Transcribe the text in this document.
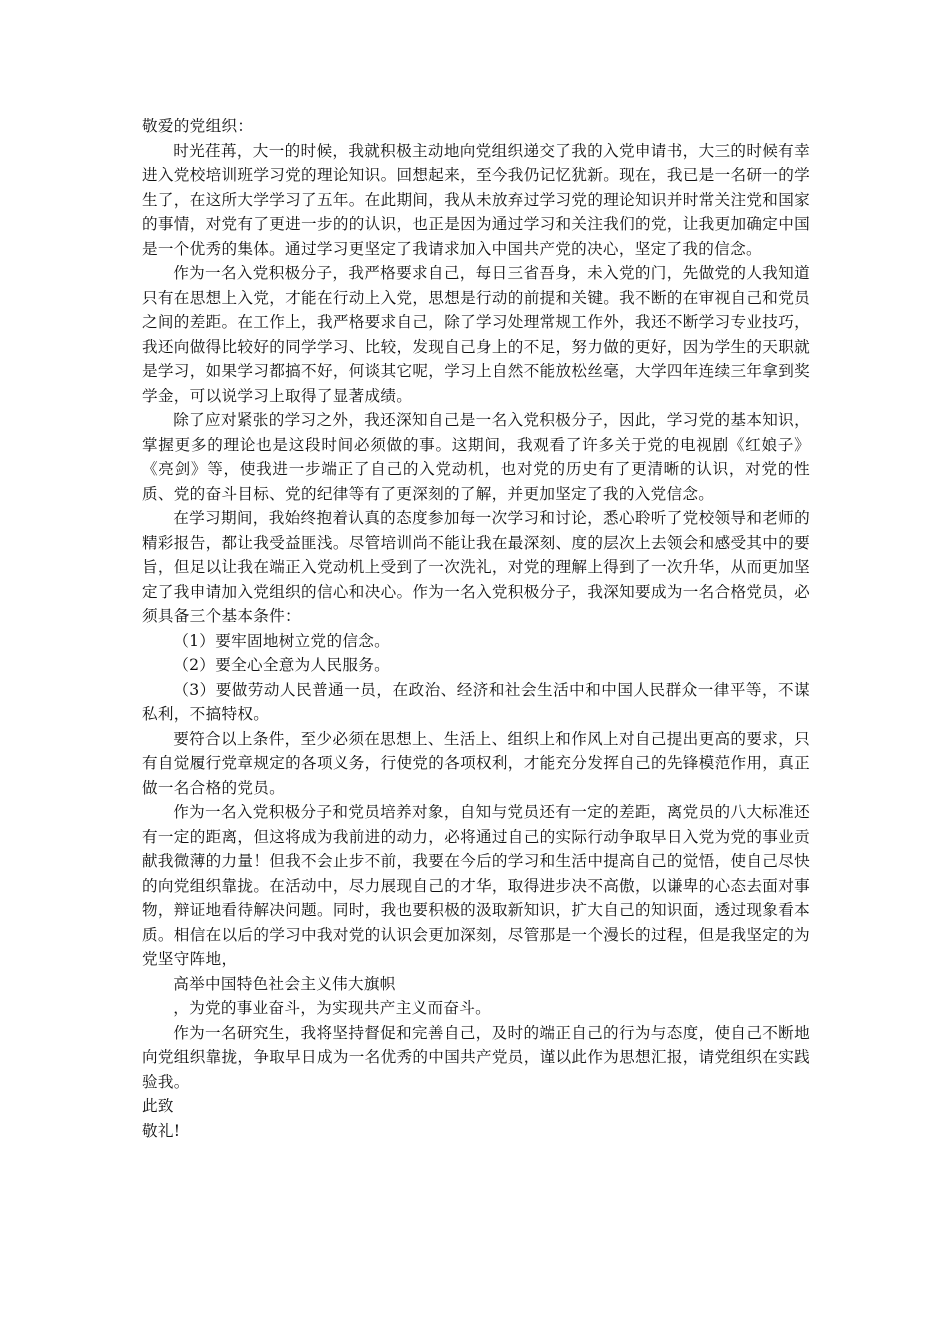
敬爱的党组织：

时光荏苒，大一的时候，我就积极主动地向党组织递交了我的入党申请书，大三的时候有幸进入党校培训班学习党的理论知识。回想起来，至今我仍记忆犹新。现在，我已是一名研一的学生了，在这所大学学习了五年。在此期间，我从未放弃过学习党的理论知识并时常关注党和国家的事情，对党有了更进一步的的认识，也正是因为通过学习和关注我们的党，让我更加确定中国是一个优秀的集体。通过学习更坚定了我请求加入中国共产党的决心，坚定了我的信念。

作为一名入党积极分子，我严格要求自己，每日三省吾身，未入党的门，先做党的人我知道只有在思想上入党，才能在行动上入党，思想是行动的前提和关键。我不断的在审视自己和党员之间的差距。在工作上，我严格要求自己，除了学习处理常规工作外，我还不断学习专业技巧，我还向做得比较好的同学学习、比较，发现自己身上的不足，努力做的更好，因为学生的天职就是学习，如果学习都搞不好，何谈其它呢，学习上自然不能放松丝毫，大学四年连续三年拿到奖学金，可以说学习上取得了显著成绩。

除了应对紧张的学习之外，我还深知自己是一名入党积极分子，因此，学习党的基本知识，掌握更多的理论也是这段时间必须做的事。这期间，我观看了许多关于党的电视剧《红娘子》《亮剑》等，使我进一步端正了自己的入党动机，也对党的历史有了更清晰的认识，对党的性质、党的奋斗目标、党的纪律等有了更深刻的了解，并更加坚定了我的入党信念。

在学习期间，我始终抱着认真的态度参加每一次学习和讨论，悉心聆听了党校领导和老师的精彩报告，都让我受益匪浅。尽管培训尚不能让我在最深刻、度的层次上去领会和感受其中的要旨，但足以让我在端正入党动机上受到了一次洗礼，对党的理解上得到了一次升华，从而更加坚定了我申请加入党组织的信心和决心。作为一名入党积极分子，我深知要成为一名合格党员，必须具备三个基本条件：

（1）要牢固地树立党的信念。

（2）要全心全意为人民服务。

（3）要做劳动人民普通一员，在政治、经济和社会生活中和中国人民群众一律平等，不谋私利，不搞特权。

要符合以上条件，至少必须在思想上、生活上、组织上和作风上对自己提出更高的要求，只有自觉履行党章规定的各项义务，行使党的各项权利，才能充分发挥自己的先锋模范作用，真正做一名合格的党员。

作为一名入党积极分子和党员培养对象，自知与党员还有一定的差距，离党员的八大标准还有一定的距离，但这将成为我前进的动力，必将通过自己的实际行动争取早日入党为党的事业贡献我微薄的力量！但我不会止步不前，我要在今后的学习和生活中提高自己的觉悟，使自己尽快的向党组织靠拢。在活动中，尽力展现自己的才华，取得进步决不高傲，以谦卑的心态去面对事物，辩证地看待解决问题。同时，我也要积极的汲取新知识，扩大自己的知识面，透过现象看本质。相信在以后的学习中我对党的认识会更加深刻，尽管那是一个漫长的过程，但是我坚定的为党坚守阵地，

高举中国特色社会主义伟大旗帜

，为党的事业奋斗，为实现共产主义而奋斗。

作为一名研究生，我将坚持督促和完善自己，及时的端正自己的行为与态度，使自己不断地向党组织靠拢，争取早日成为一名优秀的中国共产党员，谨以此作为思想汇报，请党组织在实践验我。

此致

敬礼!
